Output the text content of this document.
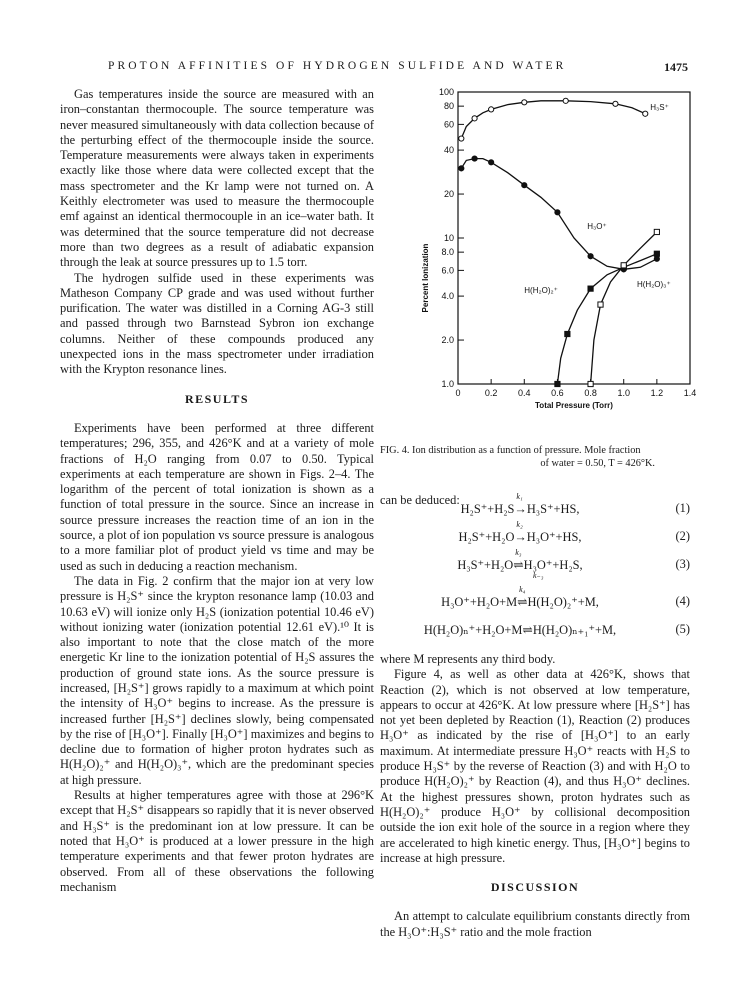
PROTON AFFINITIES OF HYDROGEN SULFIDE AND WATER	1475

Gas temperatures inside the source are measured with an iron–constantan thermocouple. The source temperature was never measured simultaneously with data collection because of the perturbing effect of the thermocouple inside the source. Temperature measurements were always taken in experiments exactly like those where data were collected except that the mass spectrometer and the Kr lamp were not turned on. A Keithly electrometer was used to measure the thermocouple emf against an identical thermocouple in an ice–water bath. It was determined that the source temperature did not decrease more than two degrees as a result of adiabatic expansion through the leak at source pressures up to 1.5 torr.

The hydrogen sulfide used in these experiments was Matheson Company CP grade and was used without further purification. The water was distilled in a Corning AG-3 still and passed through two Barnstead Sybron ion exchange columns. Neither of these compounds produced any unexpected ions in the mass spectrometer under irradiation with the Krypton resonance lines.

RESULTS

Experiments have been performed at three different temperatures; 296, 355, and 426°K and at a variety of mole fractions of H₂O ranging from 0.07 to 0.50. Typical experiments at each temperature are shown in Figs. 2–4. The logarithm of the percent of total ionization is shown as a function of total pressure in the source. Since an increase in source pressure increases the reaction time of an ion in the source, a plot of ion population vs source pressure is analogous to a more familiar plot of product yield vs time and may be used as such in deducing a reaction mechanism.

The data in Fig. 2 confirm that the major ion at very low pressure is H₂S⁺ since the krypton resonance lamp (10.03 and 10.63 eV) will ionize only H₂S (ionization potential 10.46 eV) without ionizing water (ionization potential 12.61 eV).¹⁰ It is also important to note that the close match of the more energetic Kr line to the ionization potential of H₂S assures the production of ground state ions. As the source pressure is increased, [H₂S⁺] grows rapidly to a maximum at which point the intensity of H₃O⁺ begins to increase. As the pressure is increased further [H₂S⁺] declines slowly, being compensated by the rise of [H₃O⁺]. Finally [H₃O⁺] maximizes and begins to decline due to formation of higher proton hydrates such as H(H₂O)₂⁺ and H(H₂O)₃⁺, which are the predominant species at high pressure.

Results at higher temperatures agree with those at 296°K except that H₂S⁺ disappears so rapidly that it is never observed and H₃S⁺ is the predominant ion at low pressure. It can be noted that H₃O⁺ is produced at a lower pressure in the high temperature experiments and that fewer proton hydrates are observed. From all of these observations the following mechanism

0	0.2 0.4 0.6 0.8 1.0 1.2 1.4
100
80
60
40
20
10
8.0
6.0
4.0
2.0
1.0
Total Pressure (Torr)
Percent Ionization
H₃S⁺
H₃O⁺
H(H₂O)₂⁺
H(H₂O)₃⁺
FIG. 4. Ion distribution as a function of pressure. Mole fraction
of water = 0.50, T = 426°K.
can be deduced:
H₂S⁺+H₂S→
k₁
H₃S⁺+HS,	(1)
H₂S⁺+H₂O→
k₂
H₃O⁺+HS,	(2)
H₃S⁺+H₂O⇌
k₃
H₃O⁺+H₂S,	(3)
H₃O⁺+H₂O+M⇌
k₄
H(H₂O)₂⁺+M,	(4)
H(H₂O)ₙ⁺+H₂O+M⇌
H(H₂O)ₙ₊₁⁺+M,	(5)
k₋₃

where M represents any third body.

Figure 4, as well as other data at 426°K, shows that Reaction (2), which is not observed at low temperature, appears to occur at 426°K. At low pressure where [H₂S⁺] has not yet been depleted by Reaction (1), Reaction (2) produces H₃O⁺ as indicated by the rise of [H₃O⁺] to an early maximum. At intermediate pressure H₃O⁺ reacts with H₂S to produce H₃S⁺ by the reverse of Reaction (3) and with H₂O to produce H(H₂O)₂⁺ by Reaction (4), and thus H₃O⁺ declines. At the highest pressures shown, proton hydrates such as H(H₂O)₂⁺ produce H₃O⁺ by collisional decomposition outside the ion exit hole of the source in a region where they are accelerated to high kinetic energy. Thus, [H₃O⁺] begins to increase at high pressure.

DISCUSSION

An attempt to calculate equilibrium constants directly from the H₃O⁺:H₃S⁺ ratio and the mole fraction
